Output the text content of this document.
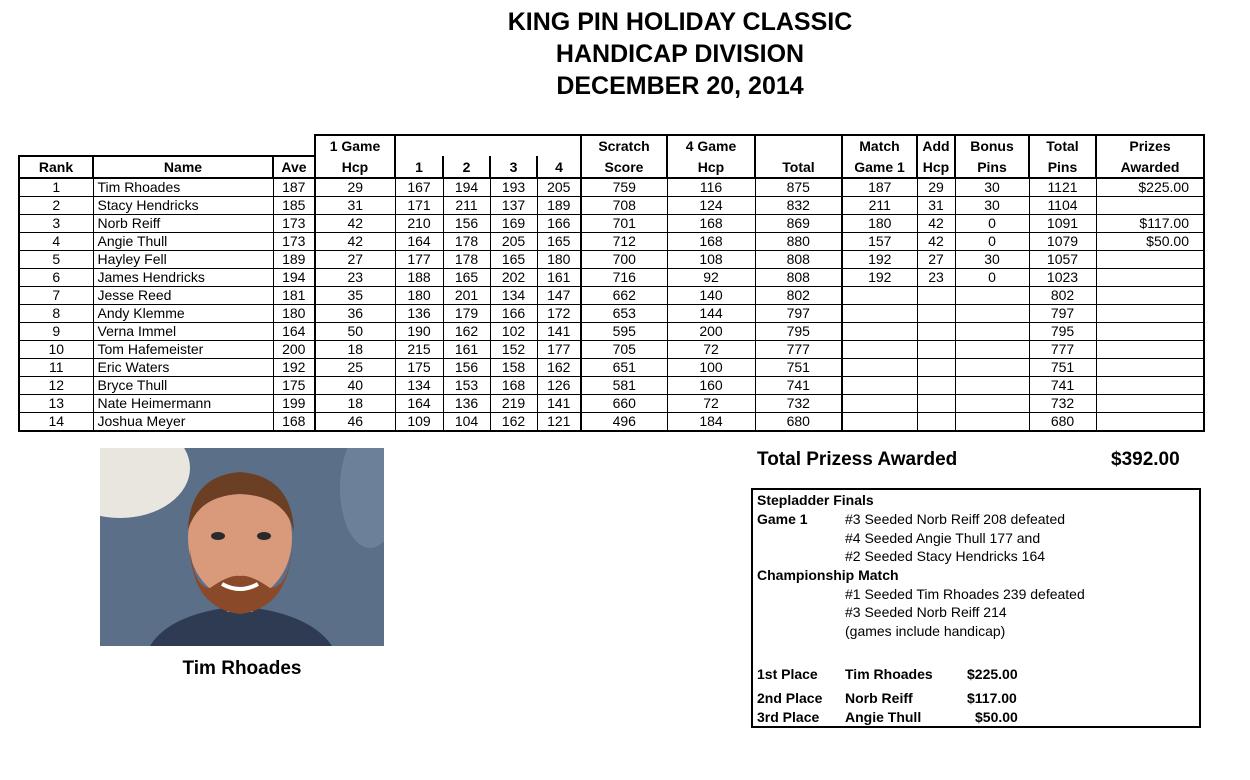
KING PIN HOLIDAY CLASSIC
HANDICAP DIVISION
DECEMBER 20, 2014
			1 Game					Scratch	4 Game		Match	Add	Bonus	Total	Prizes
Rank	Name	Ave	Hcp	1	2	3	4	Score	Hcp	Total	Game 1	Hcp	Pins	Pins	Awarded
1	Tim Rhoades	187	29	167	194	193	205	759	116	875	187	29	30	1121	$225.00
2	Stacy Hendricks	185	31	171	211	137	189	708	124	832	211	31	30	1104	
3	Norb Reiff	173	42	210	156	169	166	701	168	869	180	42	0	1091	$117.00
4	Angie Thull	173	42	164	178	205	165	712	168	880	157	42	0	1079	$50.00
5	Hayley Fell	189	27	177	178	165	180	700	108	808	192	27	30	1057	
6	James Hendricks	194	23	188	165	202	161	716	92	808	192	23	0	1023	
7	Jesse Reed	181	35	180	201	134	147	662	140	802				802	
8	Andy Klemme	180	36	136	179	166	172	653	144	797				797	
9	Verna Immel	164	50	190	162	102	141	595	200	795				795	
10	Tom Hafemeister	200	18	215	161	152	177	705	72	777				777	
11	Eric Waters	192	25	175	156	158	162	651	100	751				751	
12	Bryce Thull	175	40	134	153	168	126	581	160	741				741	
13	Nate Heimermann	199	18	164	136	219	141	660	72	732				732	
14	Joshua Meyer	168	46	109	104	162	121	496	184	680				680	
Tim Rhoades
Total Prizess Awarded	$392.00
Stepladder Finals
Game 1	#3 Seeded Norb Reiff 208 defeated
#4 Seeded Angie Thull 177 and
#2 Seeded Stacy Hendricks 164
Championship Match
#1 Seeded Tim Rhoades 239 defeated
#3 Seeded Norb Reiff 214
(games include handicap)
1st Place Tim Rhoades $225.00
2nd Place Norb Reiff	$117.00
3rd Place Angie Thull	$50.00
